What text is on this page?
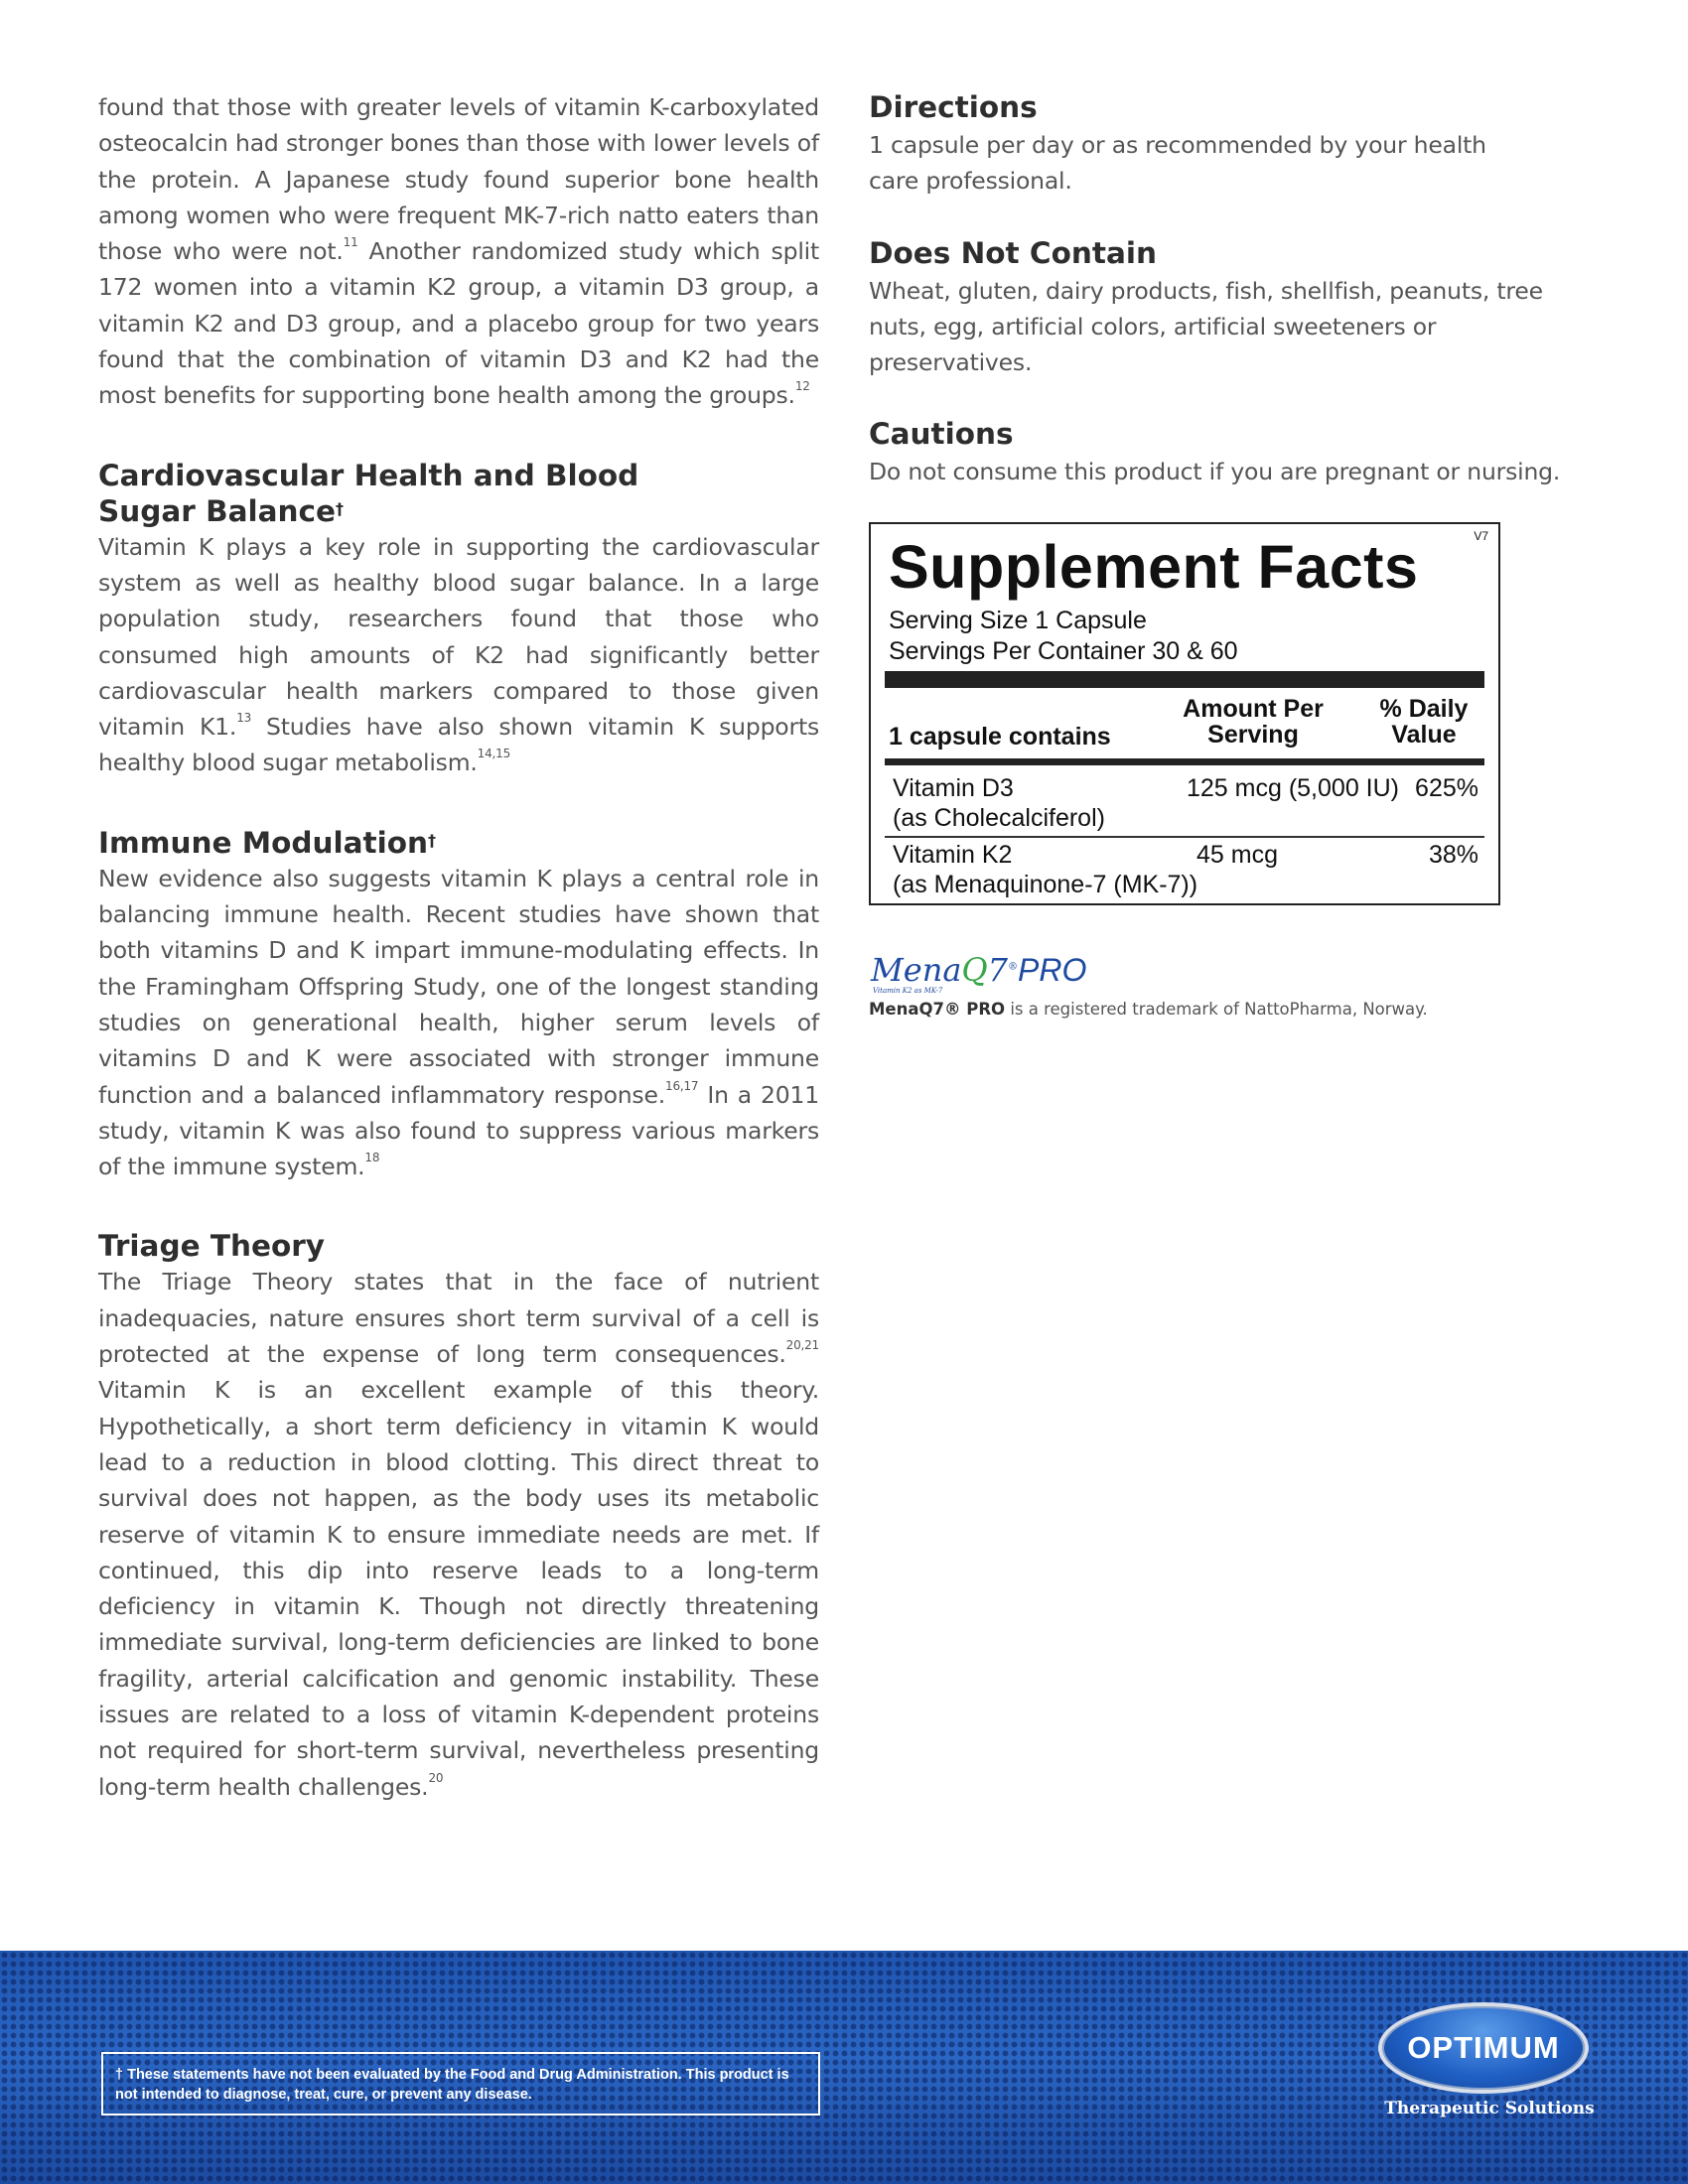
found that those with greater levels of vitamin K-carboxylated osteocalcin had stronger bones than those with lower levels of the protein. A Japanese study found superior bone health among women who were frequent MK-7-rich natto eaters than those who were not.$^{11}$ Another randomized study which split 172 women into a vitamin K2 group, a vitamin D3 group, a vitamin K2 and D3 group, and a placebo group for two years found that the combination of vitamin D3 and K2 had the most benefits for supporting bone health among the groups.$^{12}$

Cardiovascular Health and Blood
Sugar Balance†

Vitamin K plays a key role in supporting the cardiovascular system as well as healthy blood sugar balance. In a large population study, researchers found that those who consumed high amounts of K2 had significantly better cardiovascular health markers compared to those given vitamin K1.13 Studies have also shown vitamin K supports healthy blood sugar metabolism.$^{14,15}$

Immune Modulation†

New evidence also suggests vitamin K plays a central role in balancing immune health. Recent studies have shown that both vitamins D and K impart immune-modulating effects. In the Framingham Offspring Study, one of the longest standing studies on generational health, higher serum levels of vitamins D and K were associated with stronger immune function and a balanced inflammatory response.$^{16,17}$ In a 2011 study, vitamin K was also found to suppress various markers of the immune system.$^{18}$

Triage Theory

The Triage Theory states that in the face of nutrient inadequacies, nature ensures short term survival of a cell is protected at the expense of long term consequences.$^{20,21}$ Vitamin K is an excellent example of this theory. Hypothetically, a short term deficiency in vitamin K would lead to a reduction in blood clotting. This direct threat to survival does not happen, as the body uses its metabolic reserve of vitamin K to ensure immediate needs are met. If continued, this dip into reserve leads to a long-term deficiency in vitamin K. Though not directly threatening immediate survival, long-term deficiencies are linked to bone fragility, arterial calcification and genomic instability. These issues are related to a loss of vitamin K-dependent proteins not required for short-term survival, nevertheless presenting long-term health challenges.$^{20}$

Directions

1 capsule per day or as recommended by your health care professional.

Does Not Contain

Wheat, gluten, dairy products, fish, shellfish, peanuts, tree nuts, egg, artificial colors, artificial sweeteners or preservatives.

Cautions

Do not consume this product if you are pregnant or nursing.

V7
Supplement Facts
Serving Size 1 Capsule
Servings Per Container 30 & 60
1 capsule contains
Amount Per
Serving
% Daily
Value
Vitamin D3
(as Cholecalciferol)
125 mcg (5,000 IU) 625%
Vitamin K2
(as Menaquinone-7 (MK-7))
45 mcg	38%
MenaQ7®PRO
Vitamin K2 as MK-7
MenaQ7® PRO is a registered trademark of NattoPharma, Norway.
† These statements have not been evaluated by the Food and Drug Administration. This product is not intended to diagnose, treat, cure, or prevent any disease.
OPTIMUM
Therapeutic Solutions
